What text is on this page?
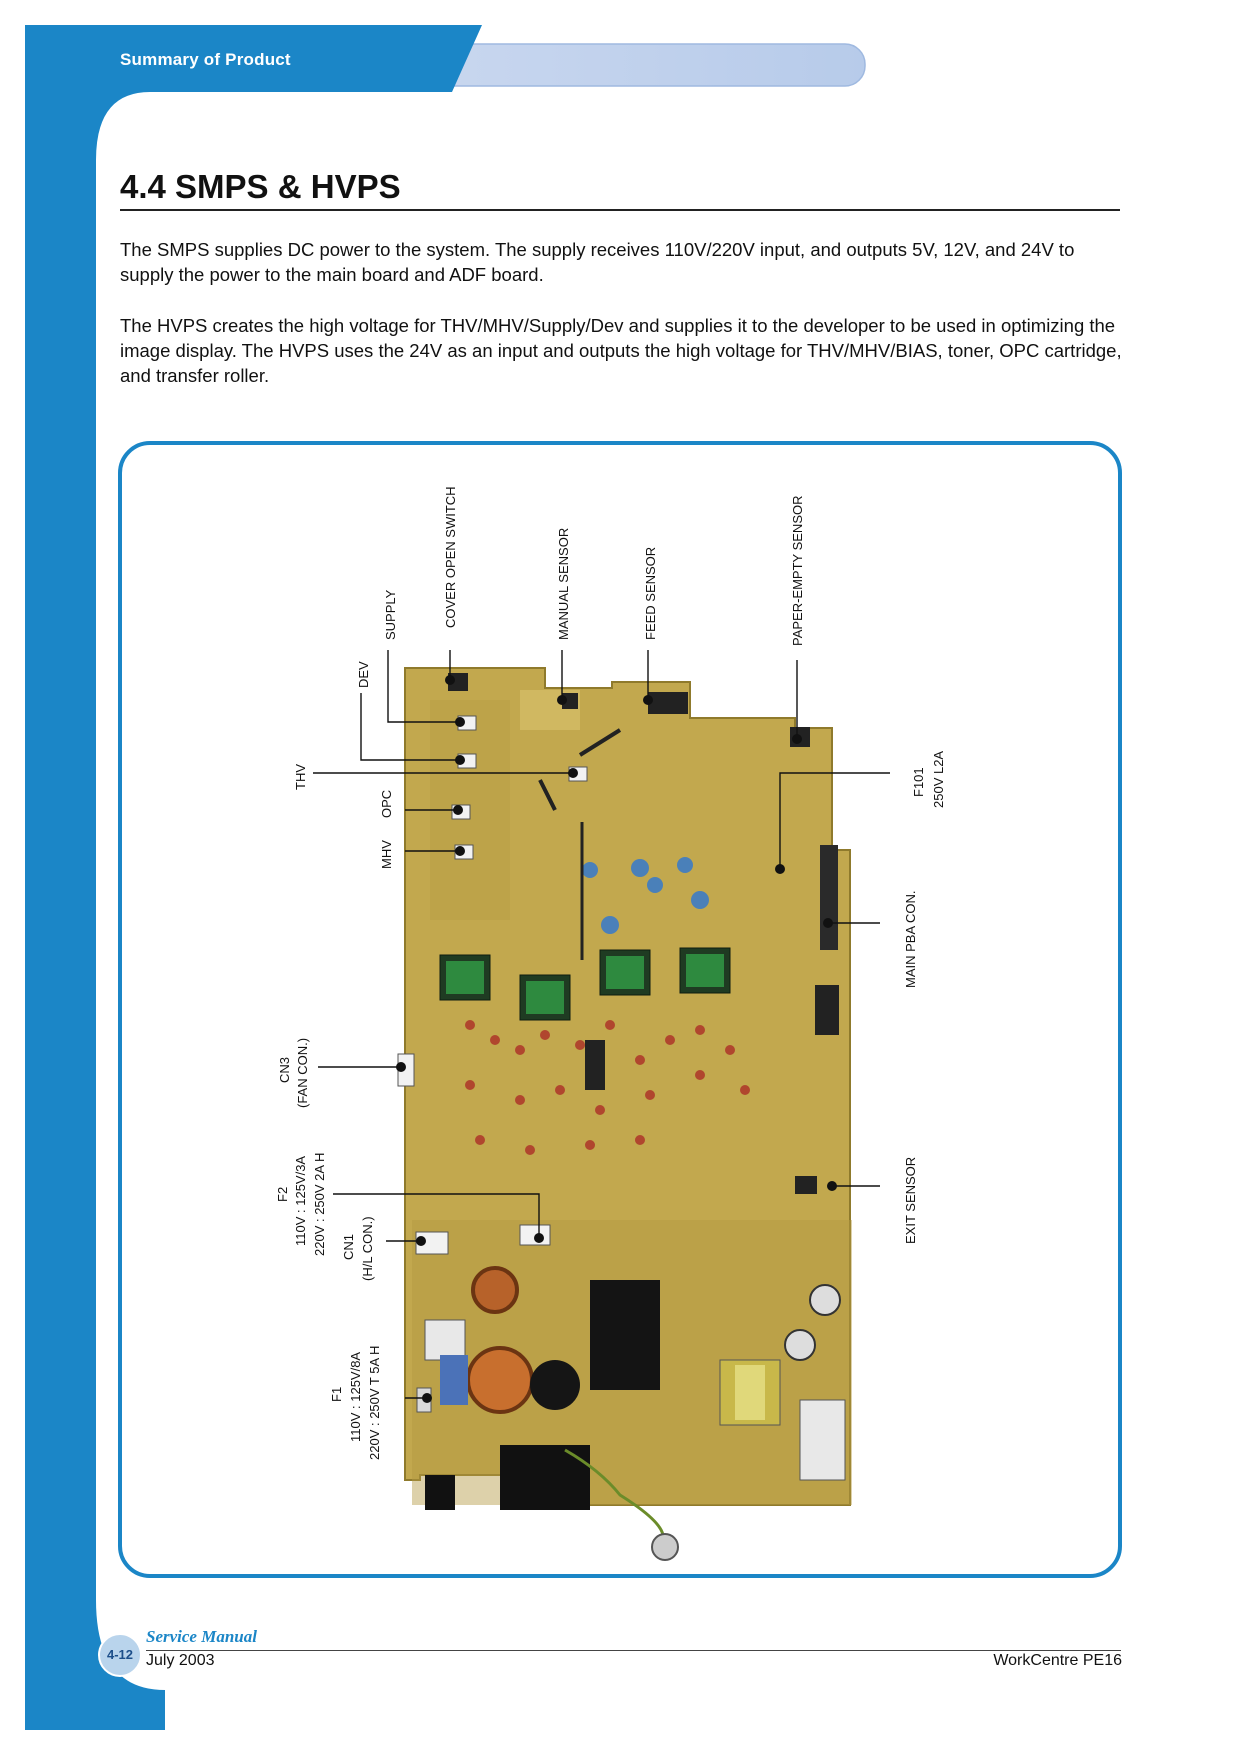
Summary of Product
4.4 SMPS & HVPS

The SMPS supplies DC power to the system. The supply receives 110V/220V input, and outputs 5V, 12V, and 24V to supply the power to the main board and ADF board.

The HVPS creates the high voltage for THV/MHV/Supply/Dev and supplies it to the developer to be used in optimizing the image display. The HVPS uses the 24V as an input and outputs the high voltage for THV/MHV/BIAS, toner, OPC cartridge, and transfer roller.

COVER OPEN SWITCH
SUPPLY
DEV
MANUAL SENSOR	FEED SENSOR	PAPER-EMPTY SENSOR
THV
OPC
MHV
F101 250V L2A
MAIN PBA CON.
CN3 (FAN CON.)
F2 110V : 125V/3A 220V : 250V 2A H CN1 (H/L CON.)
EXIT SENSOR
F1 110V : 125V/8A 220V : 250V T 5A H
Service Manual
4-12 July 2003	WorkCentre PE16
